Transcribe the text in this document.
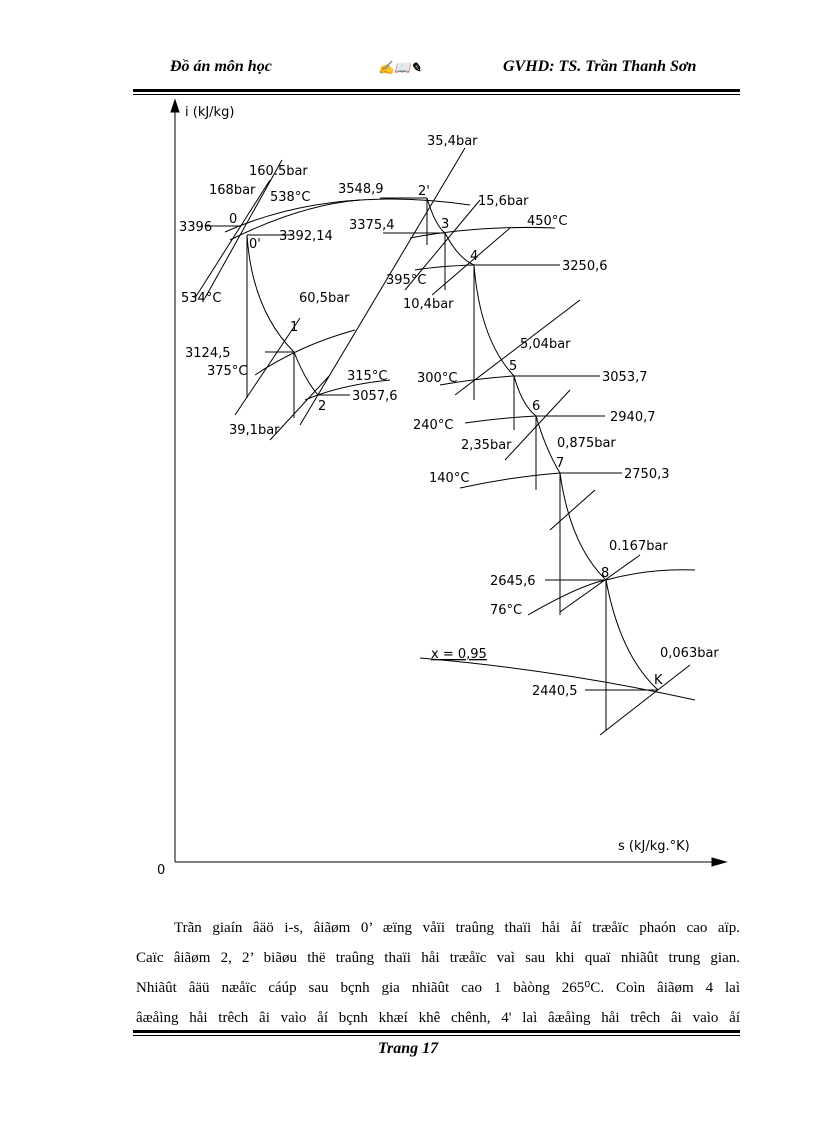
Đồ án môn học	✍📖✎	GVHD: TS. Trần Thanh Sơn
i (kJ/kg)
0
s (kJ/kg.°K)
0
0'
1
2
2'
3
4
5
6
7
8
K
3396
3392,14
3124,5
3057,6
3548,9
3375,4
3250,6
3053,7
2940,7
2750,3
2645,6
2440,5
168bar
160.5bar
60,5bar
39,1bar
35,4bar
15,6bar
10,4bar
5,04bar
2,35bar	0,875bar
0.167bar
0,063bar
538°C
534°C
375°C	315°C
450°C
395°C
300°C
240°C
140°C
76°C
x = 0,95
Trãn giaín âäö i-s, âiãøm 0’ æïng våïi traûng thaïi håi åí træåïc phaón cao aïp.
Caïc âiãøm 2, 2’ biãøu thë traûng thaïi håi træåïc vaì sau khi quaï nhiãût trung gian.
Nhiãût âäü næåïc cáúp sau bçnh gia nhiãût cao 1 bàòng 265⁰C. Coìn âiãøm 4 laì
âæåìng håi trêch âi vaìo åí bçnh khæí khê chênh, 4' laì âæåìng håi trêch âi vaìo åí
Trang 17
